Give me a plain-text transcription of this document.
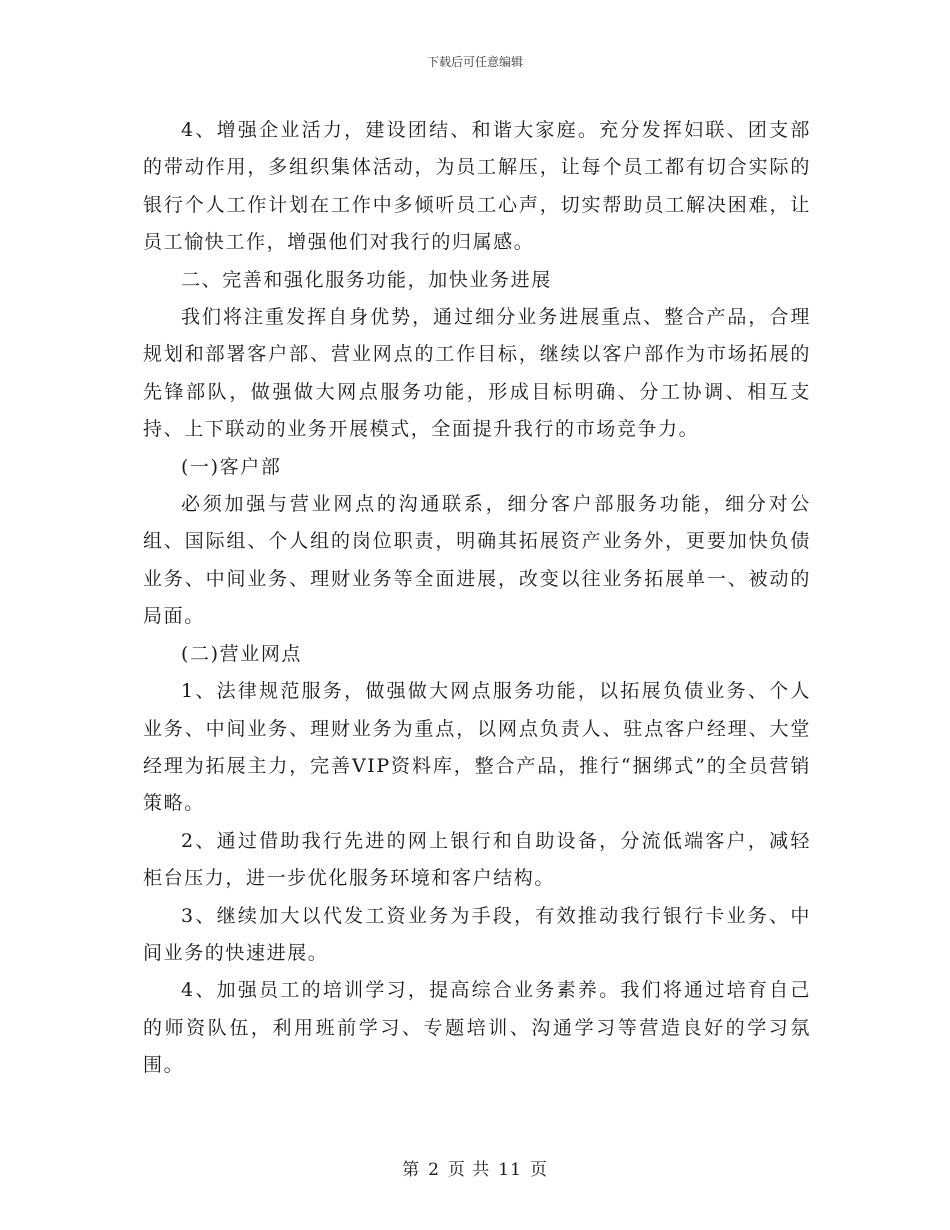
下载后可任意编辑

4、增强企业活力，建设团结、和谐大家庭。充分发挥妇联、团支部的带动作用，多组织集体活动，为员工解压，让每个员工都有切合实际的银行个人工作计划在工作中多倾听员工心声，切实帮助员工解决困难，让员工愉快工作，增强他们对我行的归属感。

二、完善和强化服务功能，加快业务进展

我们将注重发挥自身优势，通过细分业务进展重点、整合产品，合理规划和部署客户部、营业网点的工作目标，继续以客户部作为市场拓展的先锋部队，做强做大网点服务功能，形成目标明确、分工协调、相互支持、上下联动的业务开展模式，全面提升我行的市场竞争力。

(一)客户部

必须加强与营业网点的沟通联系，细分客户部服务功能，细分对公组、国际组、个人组的岗位职责，明确其拓展资产业务外，更要加快负债业务、中间业务、理财业务等全面进展，改变以往业务拓展单一、被动的局面。

(二)营业网点

1、法律规范服务，做强做大网点服务功能，以拓展负债业务、个人业务、中间业务、理财业务为重点，以网点负责人、驻点客户经理、大堂经理为拓展主力，完善VIP资料库，整合产品，推行“捆绑式”的全员营销策略。

2、通过借助我行先进的网上银行和自助设备，分流低端客户，减轻柜台压力，进一步优化服务环境和客户结构。

3、继续加大以代发工资业务为手段，有效推动我行银行卡业务、中间业务的快速进展。

4、加强员工的培训学习，提高综合业务素养。我们将通过培育自己的师资队伍，利用班前学习、专题培训、沟通学习等营造良好的学习氛围。

第 2 页 共 11 页
